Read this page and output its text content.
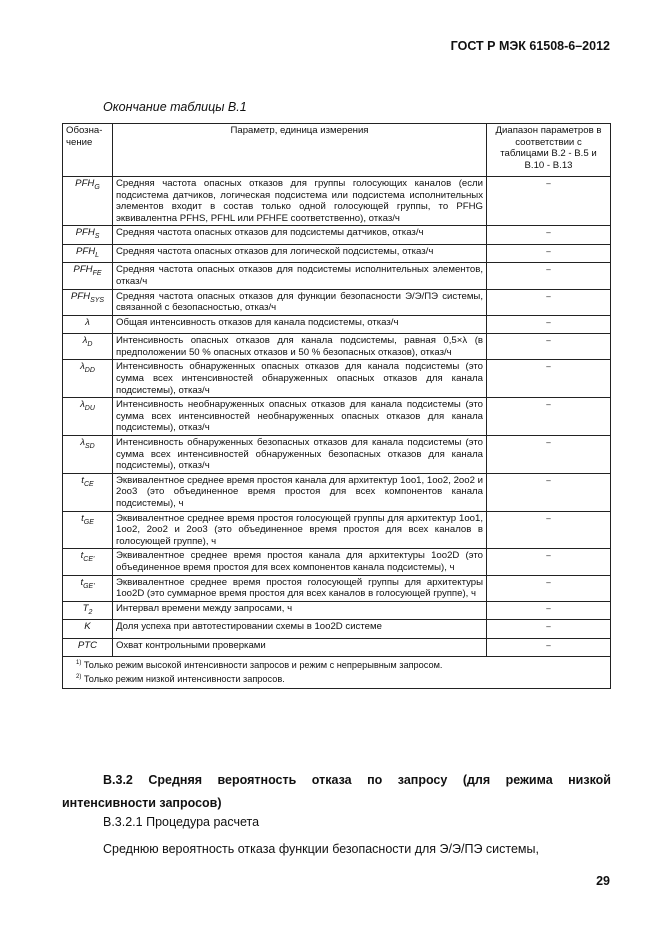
ГОСТ Р МЭК 61508-6–2012
Окончание таблицы В.1
Обозна-чение	Параметр, единица измерения	Диапазон параметров в соответствии с таблицами В.2 - В.5 и В.10 - В.13
$PFH_G$	Средняя частота опасных отказов для группы голосующих каналов (если подсистема датчиков, логическая подсистема или подсистема исполнительных элементов входит в состав только одной голосующей группы, то PFHG эквивалентна PFHS, PFHL или PFHFE соответственно), отказ/ч	–
$PFH_S$	Средняя частота опасных отказов для подсистемы датчиков, отказ/ч	–
$PFH_L$	Средняя частота опасных отказов для логической подсистемы, отказ/ч	–
$PFH_{FE}$	Средняя частота опасных отказов для подсистемы исполнительных элементов, отказ/ч	–
$PFH_{SYS}$	Средняя частота опасных отказов для функции безопасности Э/Э/ПЭ системы, связанной с безопасностью, отказ/ч	–
λ	Общая интенсивность отказов для канала подсистемы, отказ/ч	–
$\lambda_D$	Интенсивность опасных отказов для канала подсистемы, равная 0,5×λ (в предположении 50 % опасных отказов и 50 % безопасных отказов), отказ/ч	–
$\lambda_{DD}$	Интенсивность обнаруженных опасных отказов для канала подсистемы (это сумма всех интенсивностей обнаруженных опасных отказов для канала подсистемы), отказ/ч	–
$\lambda_{DU}$	Интенсивность необнаруженных опасных отказов для канала подсистемы (это сумма всех интенсивностей необнаруженных опасных отказов для канала подсистемы), отказ/ч	–
$\lambda_{SD}$	Интенсивность обнаруженных безопасных отказов для канала подсистемы (это сумма всех интенсивностей обнаруженных безопасных отказов для канала подсистемы), отказ/ч	–
$t_{CE}$	Эквивалентное среднее время простоя канала для архитектур 1oo1, 1oo2, 2oo2 и 2oo3 (это объединенное время простоя для всех компонентов канала подсистемы), ч	–
$t_{GE}$	Эквивалентное среднее время простоя голосующей группы для архитектур 1oo1, 1oo2, 2oo2 и 2oo3 (это объединенное время простоя для всех каналов в голосующей группе), ч	–
$t_{CE'}$	Эквивалентное среднее время простоя канала для архитектуры 1oo2D (это объединенное время простоя для всех компонентов канала подсистемы), ч	–
$t_{GE'}$	Эквивалентное среднее время простоя голосующей группы для архитектуры 1oo2D (это суммарное время простоя для всех каналов в голосующей группе), ч	–
$T_2$	Интервал времени между запросами, ч	–
K	Доля успеха при автотестировании схемы в 1oo2D системе	–
PTC	Охват контрольными проверками	–
$^{1)}$ Только режим высокой интенсивности запросов и режим с непрерывным запросом.		
$^{2)}$ Только режим низкой интенсивности запросов.		
В.3.2 Средняя вероятность отказа по запросу (для режима низкой интенсивности запросов)
В.3.2.1 Процедура расчета
Среднюю вероятность отказа функции безопасности для Э/Э/ПЭ системы,
29
